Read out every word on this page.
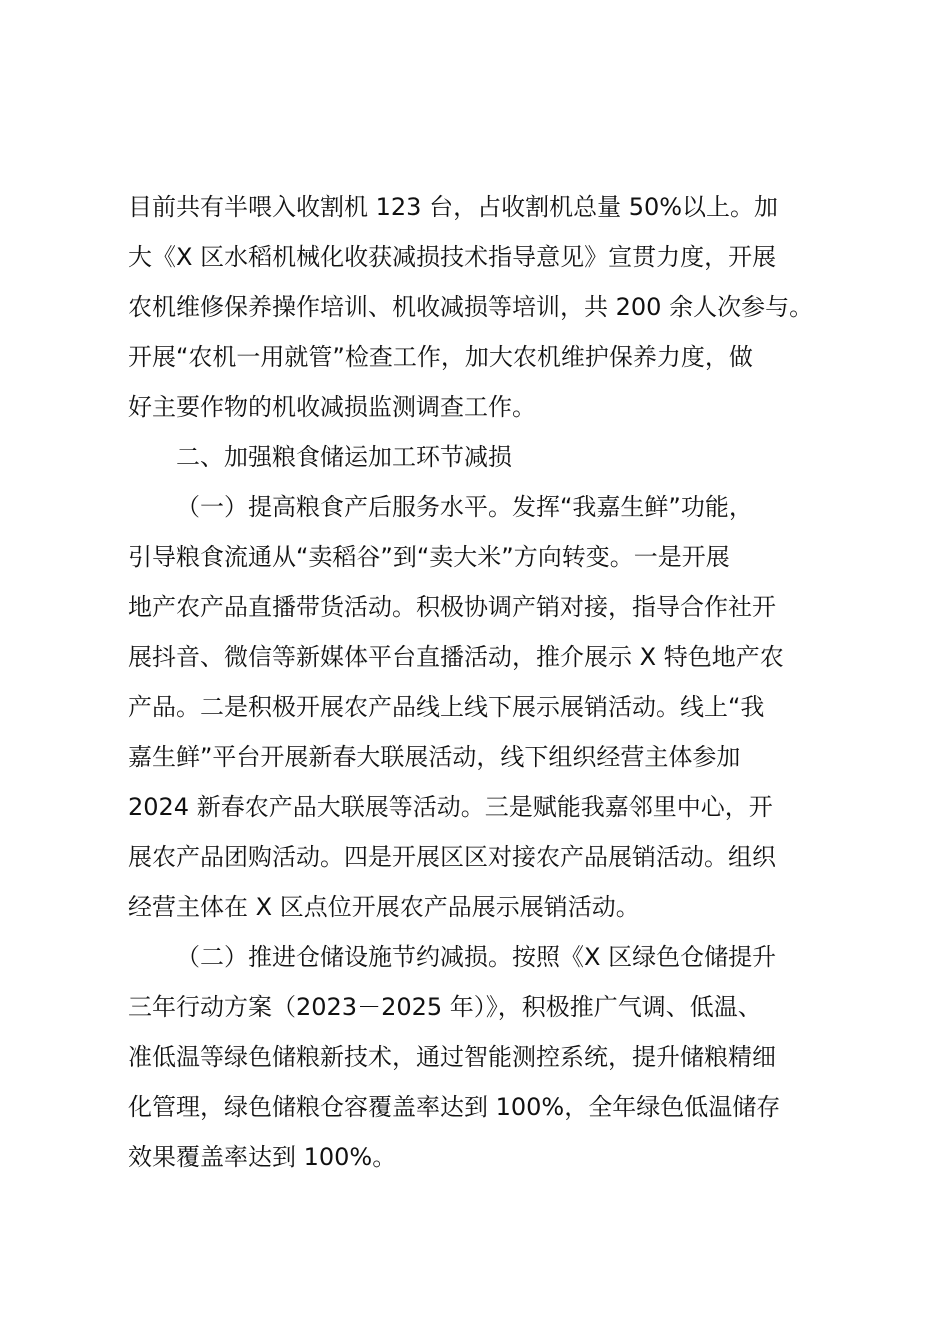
目前共有半喂入收割机 123 台，占收割机总量 50%以上。加
大《X 区水稻机械化收获减损技术指导意见》宣贯力度，开展
农机维修保养操作培训、机收减损等培训，共 200 余人次参与。
开展“农机一用就管”检查工作，加大农机维护保养力度，做
好主要作物的机收减损监测调查工作。
二、加强粮食储运加工环节减损
（一）提高粮食产后服务水平。发挥“我嘉生鲜”功能，
引导粮食流通从“卖稻谷”到“卖大米”方向转变。一是开展
地产农产品直播带货活动。积极协调产销对接，指导合作社开
展抖音、微信等新媒体平台直播活动，推介展示 X 特色地产农
产品。二是积极开展农产品线上线下展示展销活动。线上“我
嘉生鲜”平台开展新春大联展活动，线下组织经营主体参加
2024 新春农产品大联展等活动。三是赋能我嘉邻里中心，开
展农产品团购活动。四是开展区区对接农产品展销活动。组织
经营主体在 X 区点位开展农产品展示展销活动。
（二）推进仓储设施节约减损。按照《X 区绿色仓储提升
三年行动方案（2023－2025 年）》，积极推广气调、低温、
准低温等绿色储粮新技术，通过智能测控系统，提升储粮精细
化管理，绿色储粮仓容覆盖率达到 100%，全年绿色低温储存
效果覆盖率达到 100%。
